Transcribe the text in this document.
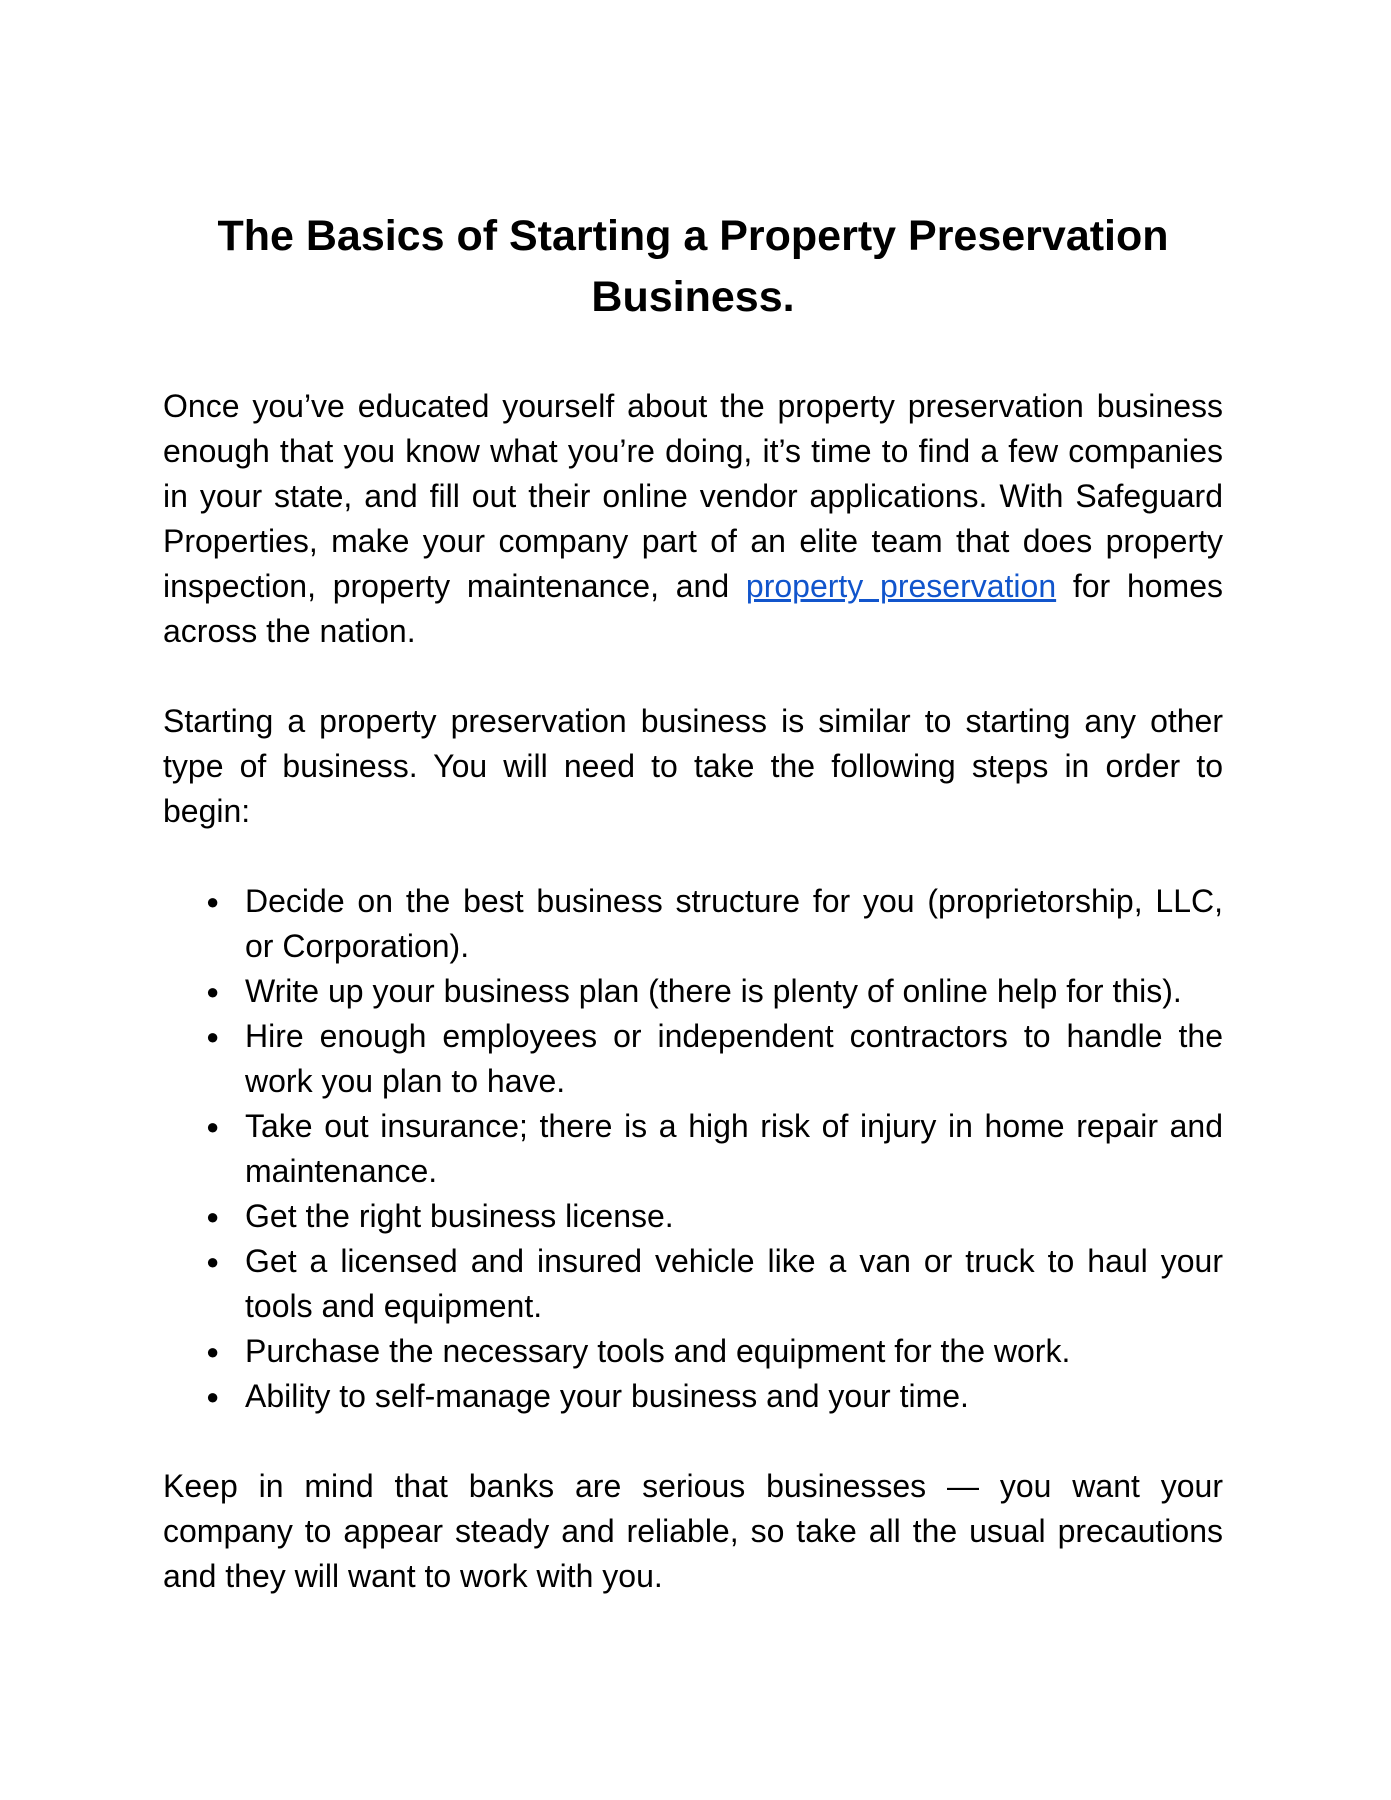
The Basics of Starting a Property Preservation Business.

Once you’ve educated yourself about the property preservation business enough that you know what you’re doing, it’s time to find a few companies in your state, and fill out their online vendor applications. With Safeguard Properties, make your company part of an elite team that does property inspection, property maintenance, and property preservation for homes across the nation.

Starting a property preservation business is similar to starting any other type of business. You will need to take the following steps in order to begin:

● Decide on the best business structure for you (proprietorship, LLC, or Corporation).
● Write up your business plan (there is plenty of online help for this).
● Hire enough employees or independent contractors to handle the work you plan to have.
● Take out insurance; there is a high risk of injury in home repair and maintenance.
● Get the right business license.
● Get a licensed and insured vehicle like a van or truck to haul your tools and equipment.
● Purchase the necessary tools and equipment for the work.
● Ability to self-manage your business and your time.

Keep in mind that banks are serious businesses — you want your company to appear steady and reliable, so take all the usual precautions and they will want to work with you.
